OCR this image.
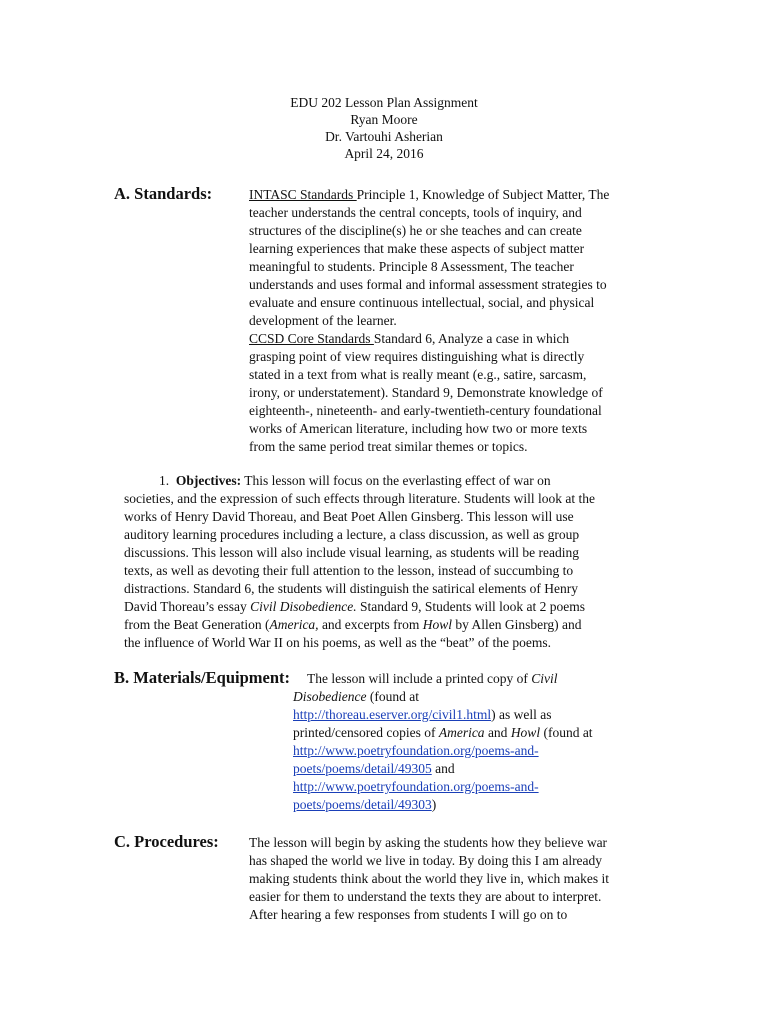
EDU 202 Lesson Plan Assignment
Ryan Moore
Dr. Vartouhi Asherian
April 24, 2016
A. Standards:	INTASC Standards Principle 1, Knowledge of Subject Matter, The
teacher understands the central concepts, tools of inquiry, and
structures of the discipline(s) he or she teaches and can create
learning experiences that make these aspects of subject matter
meaningful to students. Principle 8 Assessment, The teacher
understands and uses formal and informal assessment strategies to
evaluate and ensure continuous intellectual, social, and physical
development of the learner.
CCSD Core Standards Standard 6, Analyze a case in which
grasping point of view requires distinguishing what is directly
stated in a text from what is really meant (e.g., satire, sarcasm,
irony, or understatement). Standard 9, Demonstrate knowledge of
eighteenth-, nineteenth- and early-twentieth-century foundational
works of American literature, including how two or more texts
from the same period treat similar themes or topics.
1. Objectives: This lesson will focus on the everlasting effect of war on
societies, and the expression of such effects through literature. Students will look at the
works of Henry David Thoreau, and Beat Poet Allen Ginsberg. This lesson will use
auditory learning procedures including a lecture, a class discussion, as well as group
discussions. This lesson will also include visual learning, as students will be reading
texts, as well as devoting their full attention to the lesson, instead of succumbing to
distractions. Standard 6, the students will distinguish the satirical elements of Henry
David Thoreau’s essay Civil Disobedience. Standard 9, Students will look at 2 poems
from the Beat Generation (America, and excerpts from Howl by Allen Ginsberg) and
the influence of World War II on his poems, as well as the “beat” of the poems.
B. Materials/Equipment: The lesson will include a printed copy of Civil
Disobedience (found at
http://thoreau.eserver.org/civil1.html) as well as
printed/censored copies of America and Howl (found at
http://www.poetryfoundation.org/poems-and-
poets/poems/detail/49305 and
http://www.poetryfoundation.org/poems-and-
poets/poems/detail/49303)
C. Procedures: The lesson will begin by asking the students how they believe war
has shaped the world we live in today. By doing this I am already
making students think about the world they live in, which makes it
easier for them to understand the texts they are about to interpret.
After hearing a few responses from students I will go on to
